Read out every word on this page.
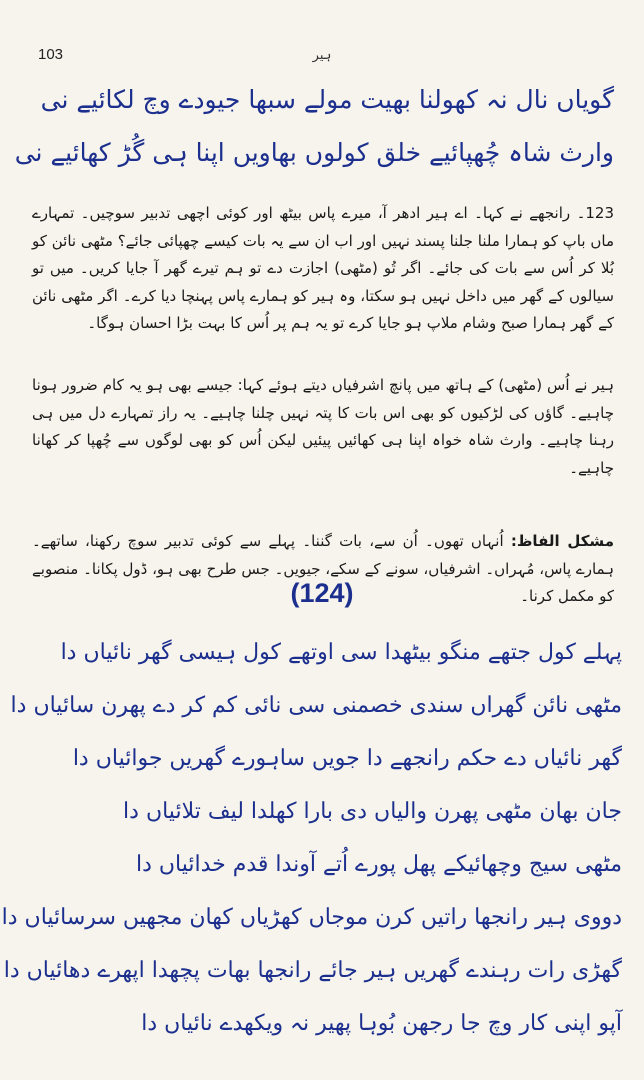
103	ہیر
گویاں نال نہ کھولنا بھیت مولے سبھا جیودے وچ لکائیے نی
وارث شاہ چُھپائیے خلق کولوں بھاویں اپنا ہی گُڑ کھائیے نی

123۔ رانجھے نے کہا۔ اے ہیر ادھر آ، میرے پاس بیٹھ اور کوئی اچھی تدبیر سوچیں۔ تمہارے ماں باپ کو ہمارا ملنا جلنا پسند نہیں اور اب ان سے یہ بات کیسے چھپائی جائے؟ مٹھی نائن کو بُلا کر اُس سے بات کی جائے۔ اگر تُو (مٹھی) اجازت دے تو ہم تیرے گھر آ جایا کریں۔ میں تو سیالوں کے گھر میں داخل نہیں ہو سکتا، وہ ہیر کو ہمارے پاس پہنچا دیا کرے۔ اگر مٹھی نائن کے گھر ہمارا صبح وشام ملاپ ہو جایا کرے تو یہ ہم پر اُس کا بہت بڑا احسان ہوگا۔

ہیر نے اُس (مٹھی) کے ہاتھ میں پانچ اشرفیاں دیتے ہوئے کہا: جیسے بھی ہو یہ کام ضرور ہونا چاہیے۔ گاؤں کی لڑکیوں کو بھی اس بات کا پتہ نہیں چلنا چاہیے۔ یہ راز تمہارے دل میں ہی رہنا چاہیے۔ وارث شاہ خواہ اپنا ہی کھائیں پیئیں لیکن اُس کو بھی لوگوں سے چُھپا کر کھانا چاہیے۔

مشکل الفاظ: اُنہاں تھوں۔ اُن سے، بات گننا۔ پہلے سے کوئی تدبیر سوچ رکھنا، ساتھے۔ ہمارے پاس، مُہراں۔ اشرفیاں، سونے کے سکے، جیویں۔ جس طرح بھی ہو، ڈول پکانا۔ منصوبے کو مکمل کرنا۔

(124)
پہلے کول جتھے منگو بیٹھدا سی اوتھے کول ہیسی گھر نائیاں دا
مٹھی نائن گھراں سندی خصمنی سی نائی کم کر دے پھرن سائیاں دا
گھر نائیاں دے حکم رانجھے دا جویں ساہورے گھریں جوائیاں دا
جان بھان مٹھی پھرن والیاں دی بارا کھلدا لیف تلائیاں دا
مٹھی سیج وچھائیکے پھل پورے اُتے آوندا قدم خدائیاں دا
دووی ہیر رانجھا راتیں کرن موجاں کھڑیاں کھان مجھیں سرسائیاں دا
گھڑی رات رہندے گھریں ہیر جائے رانجھا بھات پچھدا اپھرے دھائیاں دا
آپو اپنی کار وچ جا رجھن بُوہا پھیر نہ ویکھدے نائیاں دا
